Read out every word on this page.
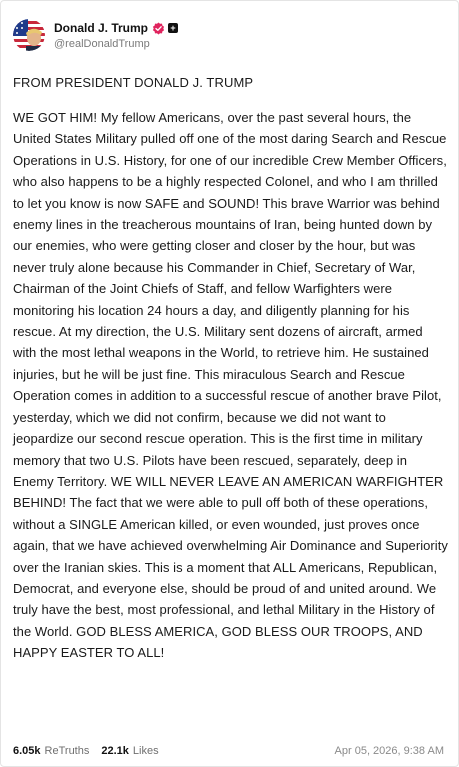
Donald J. Trump +
@realDonaldTrump
FROM PRESIDENT DONALD J. TRUMP
WE GOT HIM! My fellow Americans, over the past several hours, the United States Military pulled off one of the most daring Search and Rescue Operations in U.S. History, for one of our incredible Crew Member Officers, who also happens to be a highly respected Colonel, and who I am thrilled to let you know is now SAFE and SOUND! This brave Warrior was behind enemy lines in the treacherous mountains of Iran, being hunted down by our enemies, who were getting closer and closer by the hour, but was never truly alone because his Commander in Chief, Secretary of War, Chairman of the Joint Chiefs of Staff, and fellow Warfighters were monitoring his location 24 hours a day, and diligently planning for his rescue. At my direction, the U.S. Military sent dozens of aircraft, armed with the most lethal weapons in the World, to retrieve him. He sustained injuries, but he will be just fine. This miraculous Search and Rescue Operation comes in addition to a successful rescue of another brave Pilot, yesterday, which we did not confirm, because we did not want to jeopardize our second rescue operation. This is the first time in military memory that two U.S. Pilots have been rescued, separately, deep in Enemy Territory. WE WILL NEVER LEAVE AN AMERICAN WARFIGHTER BEHIND! The fact that we were able to pull off both of these operations, without a SINGLE American killed, or even wounded, just proves once again, that we have achieved overwhelming Air Dominance and Superiority over the Iranian skies. This is a moment that ALL Americans, Republican, Democrat, and everyone else, should be proud of and united around. We truly have the best, most professional, and lethal Military in the History of the World. GOD BLESS AMERICA, GOD BLESS OUR TROOPS, AND HAPPY EASTER TO ALL!
6.05k ReTruths 22.1k Likes	Apr 05, 2026, 9:38 AM
